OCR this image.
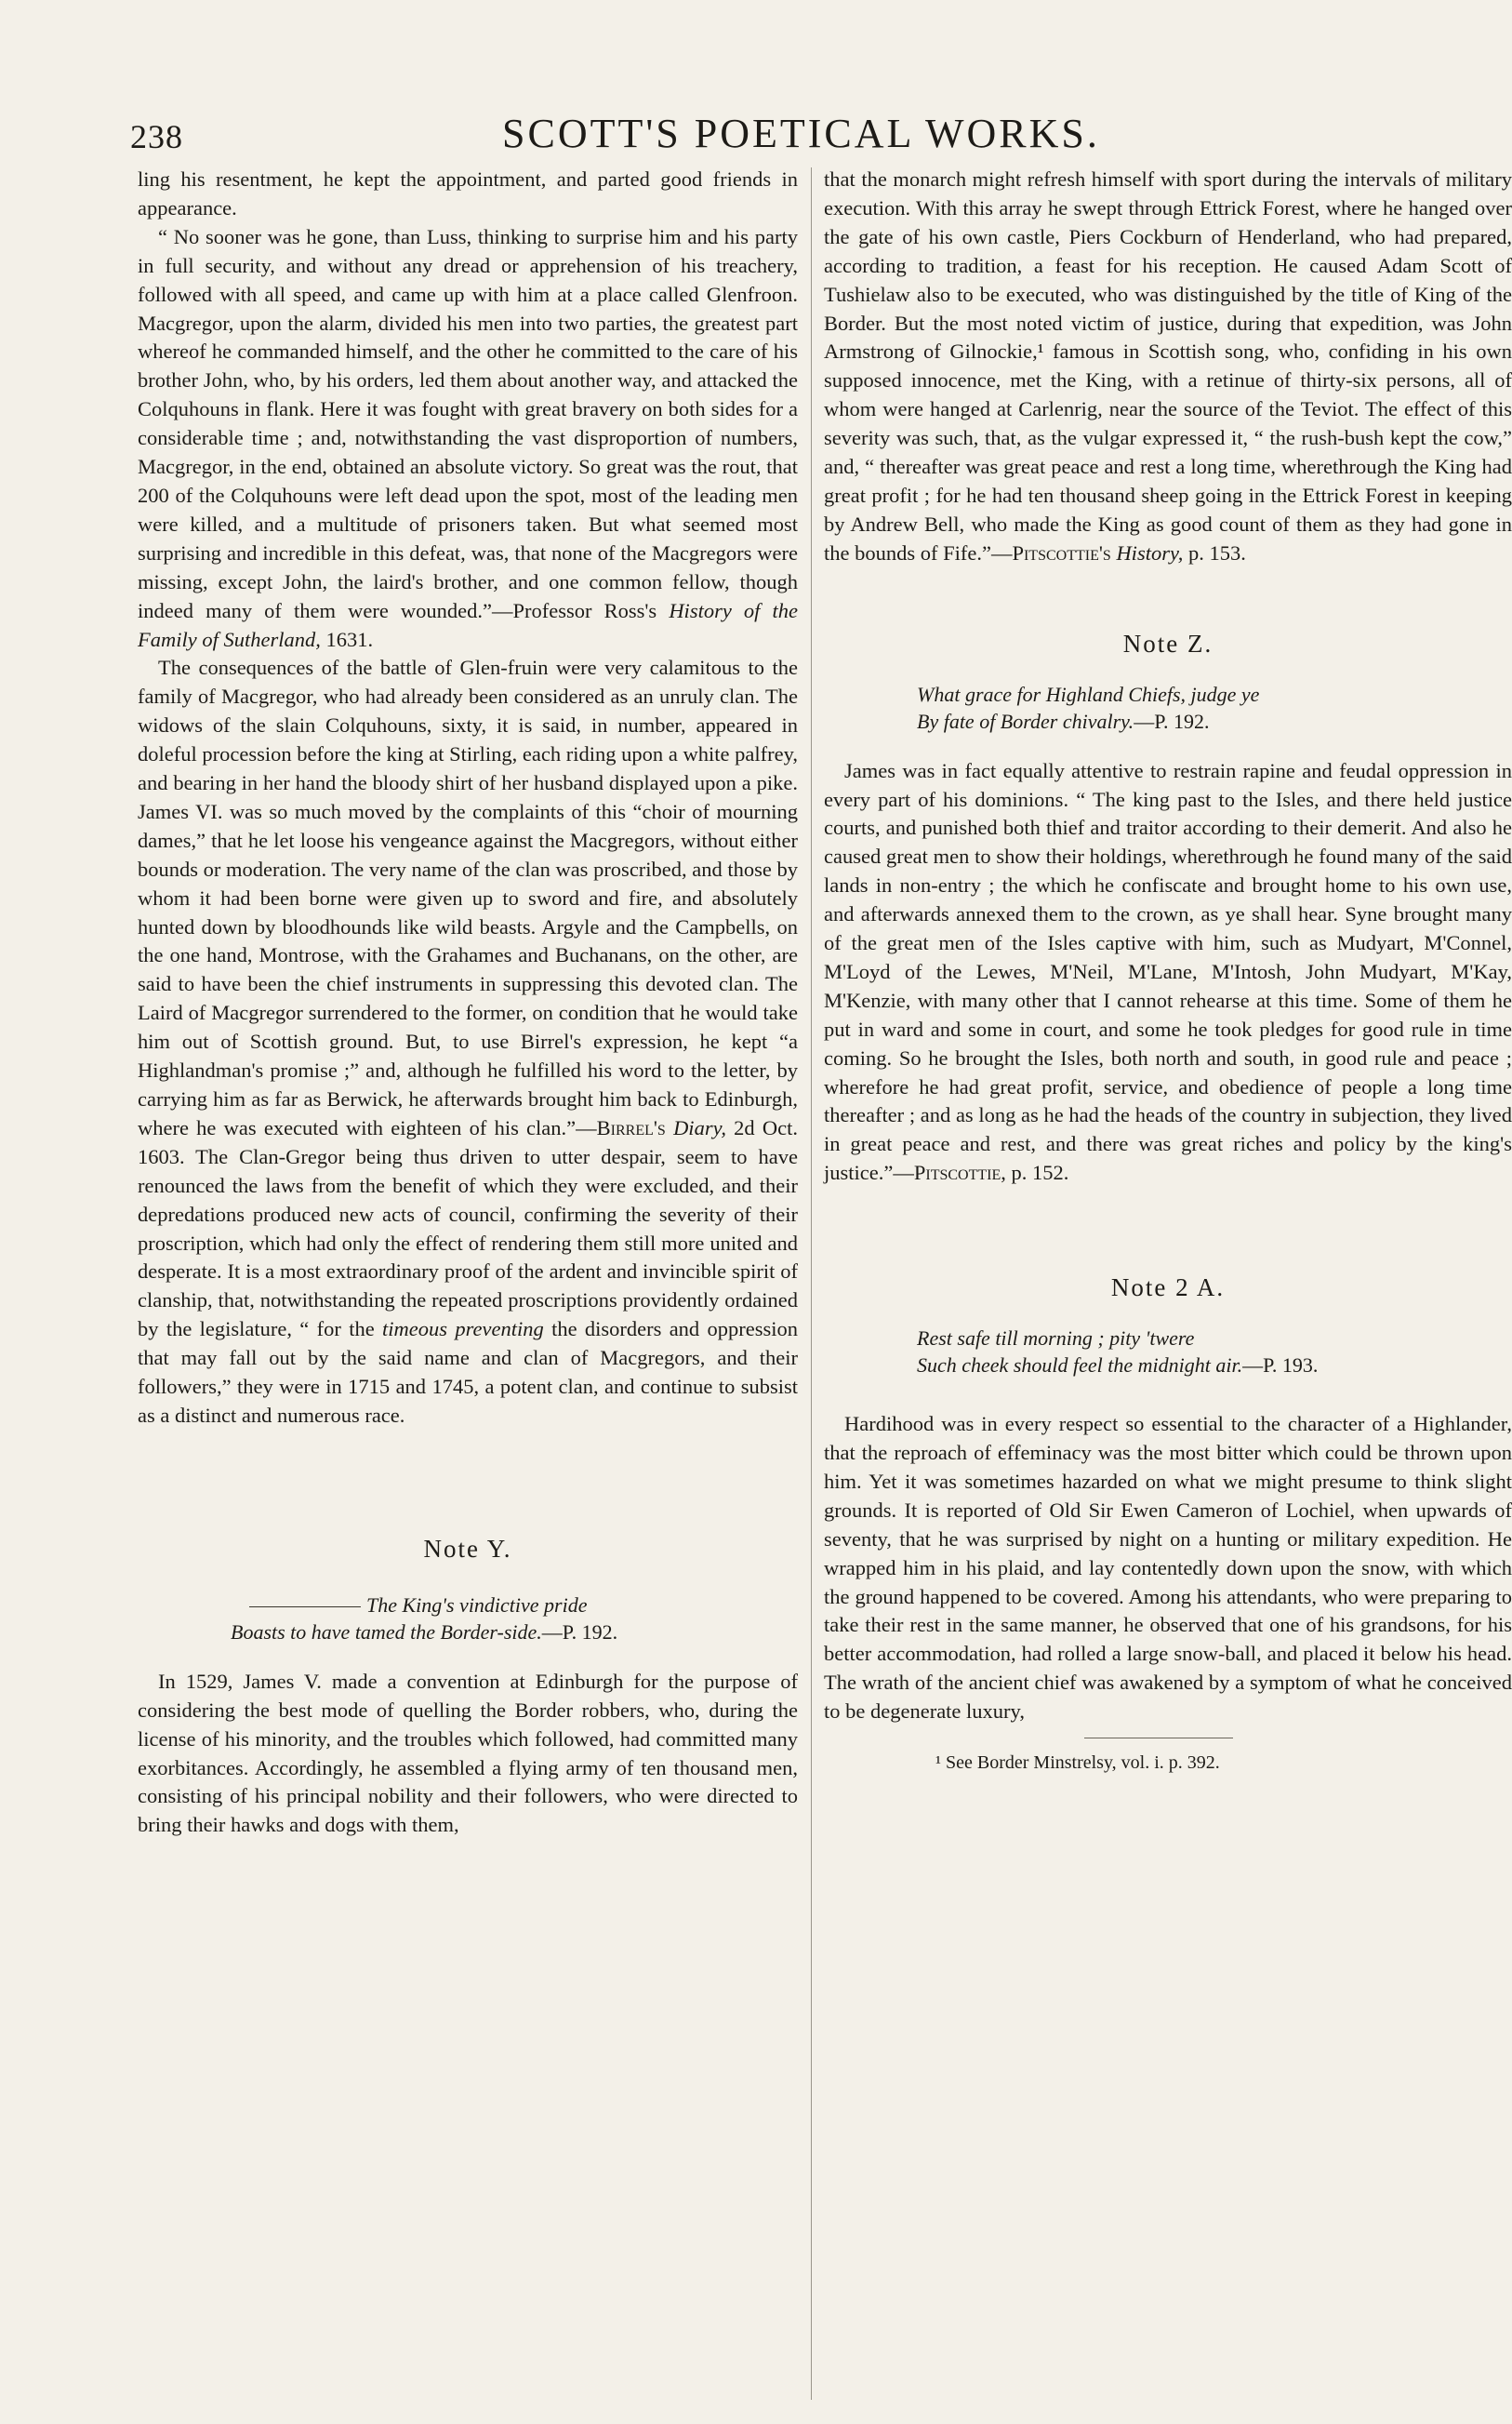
238	SCOTT'S POETICAL WORKS.

ling his resentment, he kept the appointment, and parted good friends in appearance.

“ No sooner was he gone, than Luss, thinking to surprise him and his party in full security, and without any dread or apprehension of his treachery, followed with all speed, and came up with him at a place called Glenfroon. Macgregor, upon the alarm, divided his men into two parties, the greatest part whereof he commanded himself, and the other he committed to the care of his brother John, who, by his orders, led them about another way, and attacked the Colquhouns in flank. Here it was fought with great bravery on both sides for a considerable time ; and, notwithstanding the vast disproportion of numbers, Macgregor, in the end, obtained an absolute victory. So great was the rout, that 200 of the Colquhouns were left dead upon the spot, most of the leading men were killed, and a multitude of prisoners taken. But what seemed most surprising and incredible in this defeat, was, that none of the Macgregors were missing, except John, the laird's brother, and one common fellow, though indeed many of them were wounded.”—Professor Ross's History of the Family of Sutherland, 1631.

The consequences of the battle of Glen-fruin were very calamitous to the family of Macgregor, who had already been considered as an unruly clan. The widows of the slain Colquhouns, sixty, it is said, in number, appeared in doleful procession before the king at Stirling, each riding upon a white palfrey, and bearing in her hand the bloody shirt of her husband displayed upon a pike. James VI. was so much moved by the complaints of this “choir of mourning dames,” that he let loose his vengeance against the Macgregors, without either bounds or moderation. The very name of the clan was proscribed, and those by whom it had been borne were given up to sword and fire, and absolutely hunted down by bloodhounds like wild beasts. Argyle and the Campbells, on the one hand, Montrose, with the Grahames and Buchanans, on the other, are said to have been the chief instruments in suppressing this devoted clan. The Laird of Macgregor surrendered to the former, on condition that he would take him out of Scottish ground. But, to use Birrel's expression, he kept “a Highlandman's promise ;” and, although he fulfilled his word to the letter, by carrying him as far as Berwick, he afterwards brought him back to Edinburgh, where he was executed with eighteen of his clan.”—Birrel's Diary, 2d Oct. 1603. The Clan-Gregor being thus driven to utter despair, seem to have renounced the laws from the benefit of which they were excluded, and their depredations produced new acts of council, confirming the severity of their proscription, which had only the effect of rendering them still more united and desperate. It is a most extraordinary proof of the ardent and invincible spirit of clanship, that, notwithstanding the repeated proscriptions providently ordained by the legislature, “ for the timeous preventing the disorders and oppression that may fall out by the said name and clan of Macgregors, and their followers,” they were in 1715 and 1745, a potent clan, and continue to subsist as a distinct and numerous race.

Note Y.

The King's vindictive pride

Boasts to have tamed the Border-side.—P. 192.

In 1529, James V. made a convention at Edinburgh for the purpose of considering the best mode of quelling the Border robbers, who, during the license of his minority, and the troubles which followed, had committed many exorbitances. Accordingly, he assembled a flying army of ten thousand men, consisting of his principal nobility and their followers, who were directed to bring their hawks and dogs with them,

that the monarch might refresh himself with sport during the intervals of military execution. With this array he swept through Ettrick Forest, where he hanged over the gate of his own castle, Piers Cockburn of Henderland, who had prepared, according to tradition, a feast for his reception. He caused Adam Scott of Tushielaw also to be executed, who was distinguished by the title of King of the Border. But the most noted victim of justice, during that expedition, was John Armstrong of Gilnockie,¹ famous in Scottish song, who, confiding in his own supposed innocence, met the King, with a retinue of thirty-six persons, all of whom were hanged at Carlenrig, near the source of the Teviot. The effect of this severity was such, that, as the vulgar expressed it, “ the rush-bush kept the cow,” and, “ thereafter was great peace and rest a long time, wherethrough the King had great profit ; for he had ten thousand sheep going in the Ettrick Forest in keeping by Andrew Bell, who made the King as good count of them as they had gone in the bounds of Fife.”—Pitscottie's History, p. 153.

Note Z.

What grace for Highland Chiefs, judge ye

By fate of Border chivalry.—P. 192.

James was in fact equally attentive to restrain rapine and feudal oppression in every part of his dominions. “ The king past to the Isles, and there held justice courts, and punished both thief and traitor according to their demerit. And also he caused great men to show their holdings, wherethrough he found many of the said lands in non-entry ; the which he confiscate and brought home to his own use, and afterwards annexed them to the crown, as ye shall hear. Syne brought many of the great men of the Isles captive with him, such as Mudyart, M'Connel, M'Loyd of the Lewes, M'Neil, M'Lane, M'Intosh, John Mudyart, M'Kay, M'Kenzie, with many other that I cannot rehearse at this time. Some of them he put in ward and some in court, and some he took pledges for good rule in time coming. So he brought the Isles, both north and south, in good rule and peace ; wherefore he had great profit, service, and obedience of people a long time thereafter ; and as long as he had the heads of the country in subjection, they lived in great peace and rest, and there was great riches and policy by the king's justice.”—Pitscottie, p. 152.

Note 2 A.

Rest safe till morning ; pity 'twere

Such cheek should feel the midnight air.—P. 193.

Hardihood was in every respect so essential to the character of a Highlander, that the reproach of effeminacy was the most bitter which could be thrown upon him. Yet it was sometimes hazarded on what we might presume to think slight grounds. It is reported of Old Sir Ewen Cameron of Lochiel, when upwards of seventy, that he was surprised by night on a hunting or military expedition. He wrapped him in his plaid, and lay contentedly down upon the snow, with which the ground happened to be covered. Among his attendants, who were preparing to take their rest in the same manner, he observed that one of his grandsons, for his better accommodation, had rolled a large snow-ball, and placed it below his head. The wrath of the ancient chief was awakened by a symptom of what he conceived to be degenerate luxury,

¹ See Border Minstrelsy, vol. i. p. 392.
